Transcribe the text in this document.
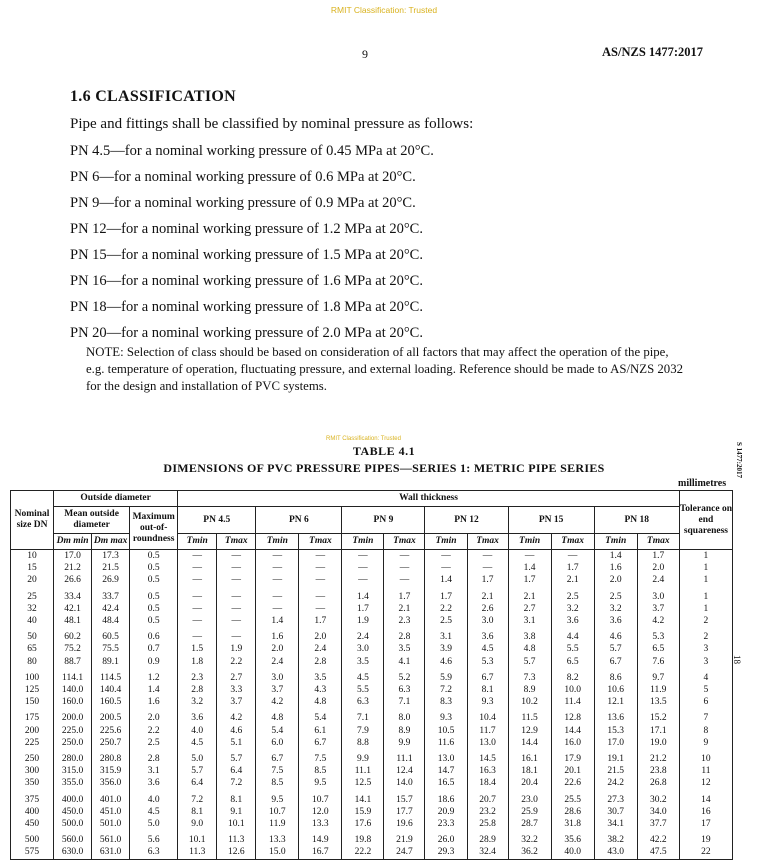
RMIT Classification: Trusted
9	AS/NZS 1477:2017
1.6 CLASSIFICATION
Pipe and fittings shall be classified by nominal pressure as follows:
PN 4.5—for a nominal working pressure of 0.45 MPa at 20°C.
PN 6—for a nominal working pressure of 0.6 MPa at 20°C.
PN 9—for a nominal working pressure of 0.9 MPa at 20°C.
PN 12—for a nominal working pressure of 1.2 MPa at 20°C.
PN 15—for a nominal working pressure of 1.5 MPa at 20°C.
PN 16—for a nominal working pressure of 1.6 MPa at 20°C.
PN 18—for a nominal working pressure of 1.8 MPa at 20°C.
PN 20—for a nominal working pressure of 2.0 MPa at 20°C.
NOTE: Selection of class should be based on consideration of all factors that may affect the operation of the pipe, e.g. temperature of operation, fluctuating pressure, and external loading. Reference should be made to AS/NZS 2032 for the design and installation of PVC systems.
RMIT Classification: Trusted
TABLE 4.1
DIMENSIONS OF PVC PRESSURE PIPES—SERIES 1: METRIC PIPE SERIES
millimetres
S 1477:2017
18
Nominal size DN	Outside diameter			Wall thickness												Tolerance on end squareness
	Mean outside diameter		Maximum out-of-roundness	PN 4.5		PN 6		PN 9		PN 12		PN 15		PN 18		
	Dm min	Dm max		Tmin	Tmax	Tmin	Tmax	Tmin	Tmax	Tmin	Tmax	Tmin	Tmax	Tmin	Tmax	
10	17.0	17.3	0.5	—	—	—	—	—	—	—	—	—	—	1.4	1.7	1
15	21.2	21.5	0.5	—	—	—	—	—	—	—	—	1.4	1.7	1.6	2.0	1
20	26.6	26.9	0.5	—	—	—	—	—	—	1.4	1.7	1.7	2.1	2.0	2.4	1
25	33.4	33.7	0.5	—	—	—	—	1.4	1.7	1.7	2.1	2.1	2.5	2.5	3.0	1
32	42.1	42.4	0.5	—	—	—	—	1.7	2.1	2.2	2.6	2.7	3.2	3.2	3.7	1
40	48.1	48.4	0.5	—	—	1.4	1.7	1.9	2.3	2.5	3.0	3.1	3.6	3.6	4.2	2
50	60.2	60.5	0.6	—	—	1.6	2.0	2.4	2.8	3.1	3.6	3.8	4.4	4.6	5.3	2
65	75.2	75.5	0.7	1.5	1.9	2.0	2.4	3.0	3.5	3.9	4.5	4.8	5.5	5.7	6.5	3
80	88.7	89.1	0.9	1.8	2.2	2.4	2.8	3.5	4.1	4.6	5.3	5.7	6.5	6.7	7.6	3
100	114.1	114.5	1.2	2.3	2.7	3.0	3.5	4.5	5.2	5.9	6.7	7.3	8.2	8.6	9.7	4
125	140.0	140.4	1.4	2.8	3.3	3.7	4.3	5.5	6.3	7.2	8.1	8.9	10.0	10.6	11.9	5
150	160.0	160.5	1.6	3.2	3.7	4.2	4.8	6.3	7.1	8.3	9.3	10.2	11.4	12.1	13.5	6
175	200.0	200.5	2.0	3.6	4.2	4.8	5.4	7.1	8.0	9.3	10.4	11.5	12.8	13.6	15.2	7
200	225.0	225.6	2.2	4.0	4.6	5.4	6.1	7.9	8.9	10.5	11.7	12.9	14.4	15.3	17.1	8
225	250.0	250.7	2.5	4.5	5.1	6.0	6.7	8.8	9.9	11.6	13.0	14.4	16.0	17.0	19.0	9
250	280.0	280.8	2.8	5.0	5.7	6.7	7.5	9.9	11.1	13.0	14.5	16.1	17.9	19.1	21.2	10
300	315.0	315.9	3.1	5.7	6.4	7.5	8.5	11.1	12.4	14.7	16.3	18.1	20.1	21.5	23.8	11
350	355.0	356.0	3.6	6.4	7.2	8.5	9.5	12.5	14.0	16.5	18.4	20.4	22.6	24.2	26.8	12
375	400.0	401.0	4.0	7.2	8.1	9.5	10.7	14.1	15.7	18.6	20.7	23.0	25.5	27.3	30.2	14
400	450.0	451.0	4.5	8.1	9.1	10.7	12.0	15.9	17.7	20.9	23.2	25.9	28.6	30.7	34.0	16
450	500.0	501.0	5.0	9.0	10.1	11.9	13.3	17.6	19.6	23.3	25.8	28.7	31.8	34.1	37.7	17
500	560.0	561.0	5.6	10.1	11.3	13.3	14.9	19.8	21.9	26.0	28.9	32.2	35.6	38.2	42.2	19
575	630.0	631.0	6.3	11.3	12.6	15.0	16.7	22.2	24.7	29.3	32.4	36.2	40.0	43.0	47.5	22
